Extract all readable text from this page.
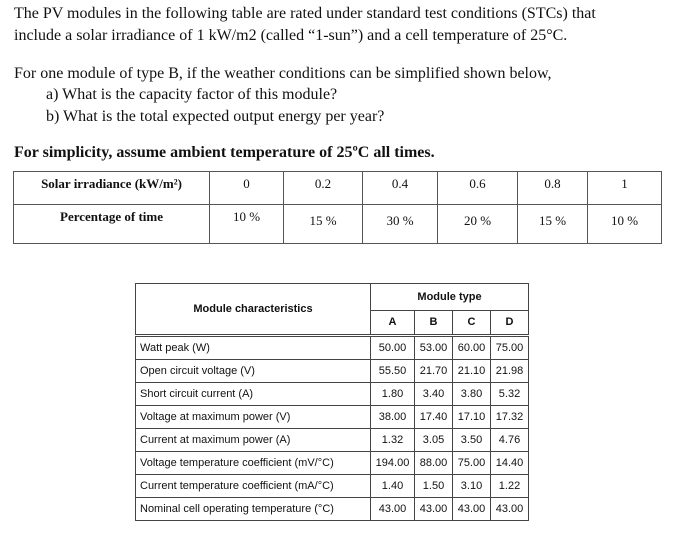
The PV modules in the following table are rated under standard test conditions (STCs) that

include a solar irradiance of 1 kW/m2 (called “1-sun”) and a cell temperature of 25°C.

For one module of type B, if the weather conditions can be simplified shown below,

a) What is the capacity factor of this module?

b) What is the total expected output energy per year?

For simplicity, assume ambient temperature of 25ºC all times.

Solar irradiance (kW/m²)	0	0.2	0.4	0.6	0.8	1
Percentage of time	10 %	15 %	30 %	20 %	15 %	10 %
Module characteristics	Module type			
	A	B	C	D
Watt peak (W)	50.00	53.00	60.00	75.00
Open circuit voltage (V)	55.50	21.70	21.10	21.98
Short circuit current (A)	1.80	3.40	3.80	5.32
Voltage at maximum power (V)	38.00	17.40	17.10	17.32
Current at maximum power (A)	1.32	3.05	3.50	4.76
Voltage temperature coefficient (mV/°C)	194.00	88.00	75.00	14.40
Current temperature coefficient (mA/°C)	1.40	1.50	3.10	1.22
Nominal cell operating temperature (°C)	43.00	43.00	43.00	43.00
